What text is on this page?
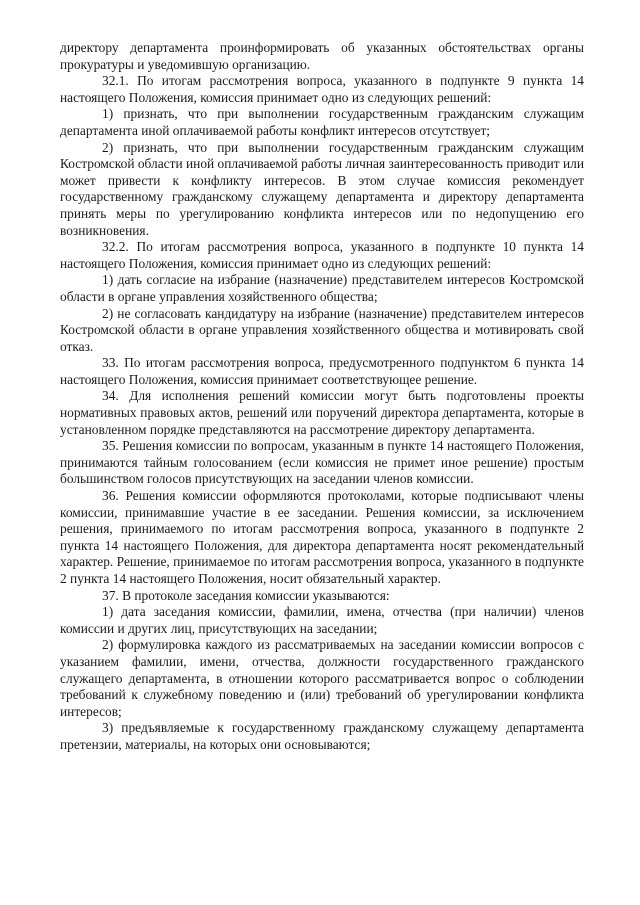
директору департамента проинформировать об указанных обстоятельствах органы прокуратуры и уведомившую организацию.

32.1. По итогам рассмотрения вопроса, указанного в подпункте 9 пункта 14 настоящего Положения, комиссия принимает одно из следующих решений:

1) признать, что при выполнении государственным гражданским служащим департамента иной оплачиваемой работы конфликт интересов отсутствует;

2) признать, что при выполнении государственным гражданским служащим Костромской области иной оплачиваемой работы личная заинтересованность приводит или может привести к конфликту интересов. В этом случае комиссия рекомендует государственному гражданскому служащему департамента и директору департамента принять меры по урегулированию конфликта интересов или по недопущению его возникновения.

32.2. По итогам рассмотрения вопроса, указанного в подпункте 10 пункта 14 настоящего Положения, комиссия принимает одно из следующих решений:

1) дать согласие на избрание (назначение) представителем интересов Костромской области в органе управления хозяйственного общества;

2) не согласовать кандидатуру на избрание (назначение) представителем интересов Костромской области в органе управления хозяйственного общества и мотивировать свой отказ.

33. По итогам рассмотрения вопроса, предусмотренного подпунктом 6 пункта 14 настоящего Положения, комиссия принимает соответствующее решение.

34. Для исполнения решений комиссии могут быть подготовлены проекты нормативных правовых актов, решений или поручений директора департамента, которые в установленном порядке представляются на рассмотрение директору департамента.

35. Решения комиссии по вопросам, указанным в пункте 14 настоящего Положения, принимаются тайным голосованием (если комиссия не примет иное решение) простым большинством голосов присутствующих на заседании членов комиссии.

36. Решения комиссии оформляются протоколами, которые подписывают члены комиссии, принимавшие участие в ее заседании. Решения комиссии, за исключением решения, принимаемого по итогам рассмотрения вопроса, указанного в подпункте 2 пункта 14 настоящего Положения, для директора департамента носят рекомендательный характер. Решение, принимаемое по итогам рассмотрения вопроса, указанного в подпункте 2 пункта 14 настоящего Положения, носит обязательный характер.

37. В протоколе заседания комиссии указываются:

1) дата заседания комиссии, фамилии, имена, отчества (при наличии) членов комиссии и других лиц, присутствующих на заседании;

2) формулировка каждого из рассматриваемых на заседании комиссии вопросов с указанием фамилии, имени, отчества, должности государственного гражданского служащего департамента, в отношении которого рассматривается вопрос о соблюдении требований к служебному поведению и (или) требований об урегулировании конфликта интересов;

3) предъявляемые к государственному гражданскому служащему департамента претензии, материалы, на которых они основываются;
